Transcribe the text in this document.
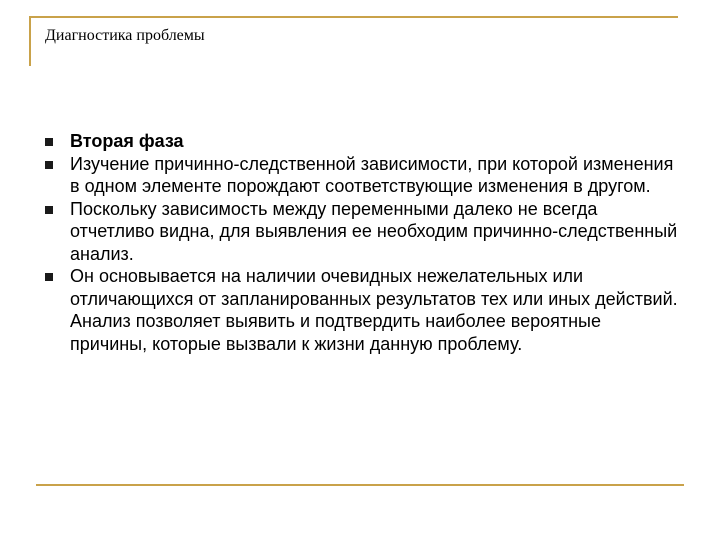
Диагностика проблемы
Вторая фаза
Изучение причинно-следственной зависимости, при которой изменения в одном элементе порождают соответствующие изменения в другом.
Поскольку зависимость между переменными далеко не всегда отчетливо видна, для выявления ее необходим причинно-следственный анализ.
Он основывается на наличии очевидных нежелательных или отличающихся от запланированных результатов тех или иных действий. Анализ позволяет выявить и подтвердить наиболее вероятные причины, которые вызвали к жизни данную проблему.
